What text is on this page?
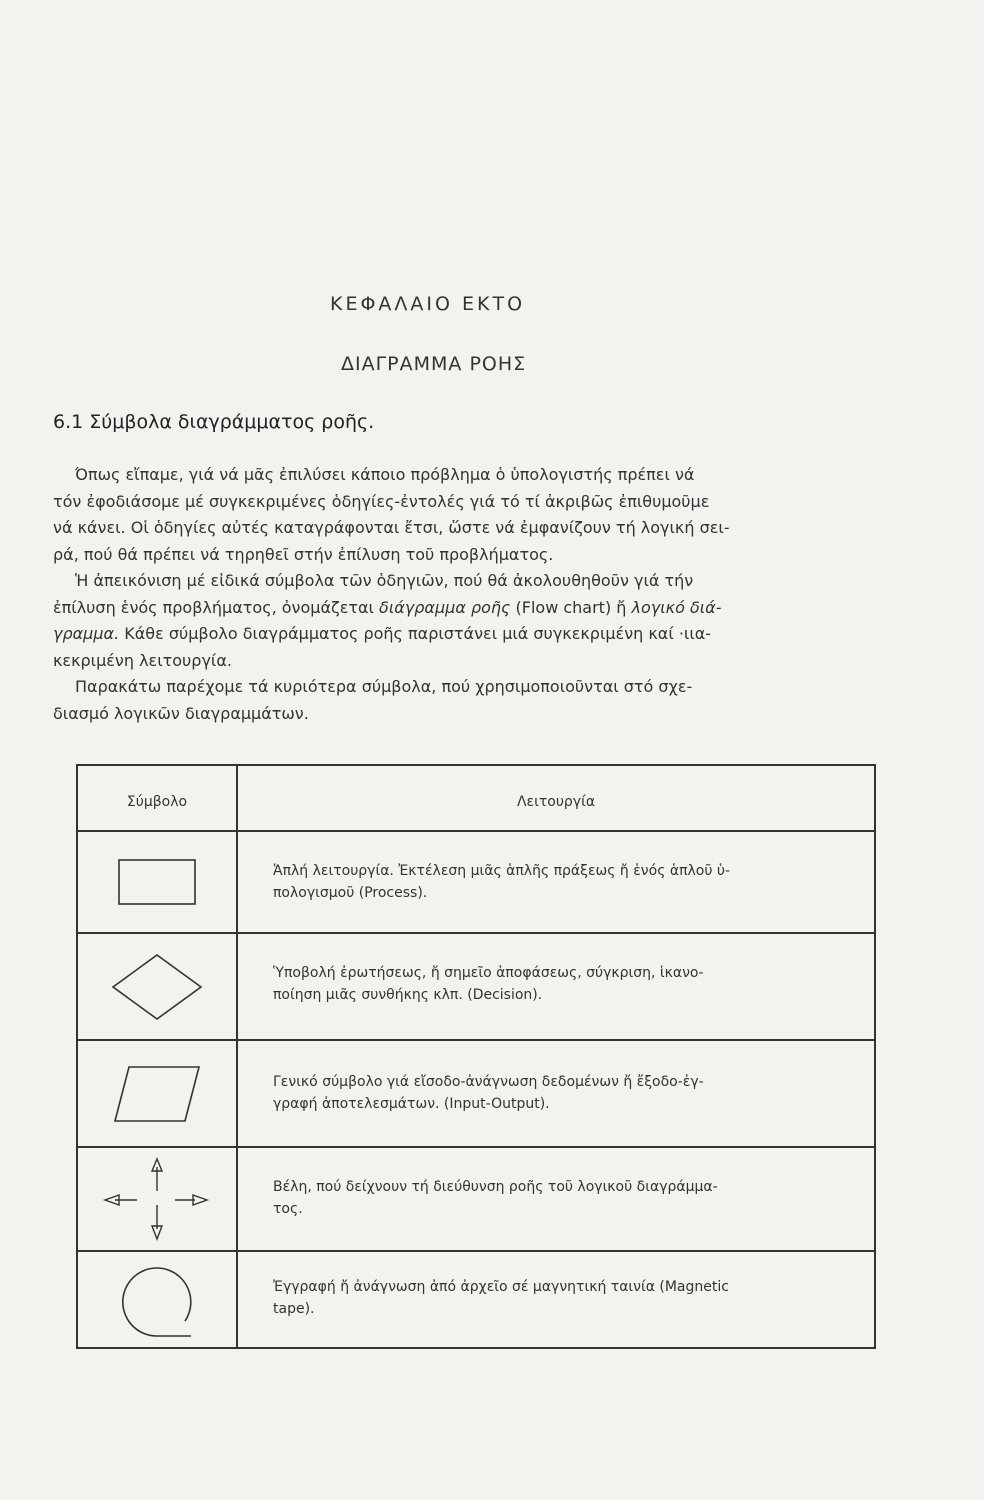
ΚΕΦΑΛΑΙΟ ΕΚΤΟ
ΔΙΑΓΡΑΜΜΑ ΡΟΗΣ
6.1 Σύμβολα διαγράμματος ροῆς.

Όπως εἴπαμε, γιά νά μᾶς ἐπιλύσει κάποιο πρόβλημα ὁ ὑπολογιστής πρέπει νά
τόν ἐφοδιάσομε μέ συγκεκριμένες ὁδηγίες-ἐντολές γιά τό τί ἀκριβῶς ἐπιθυμοῦμε
νά κάνει. Οἱ ὁδηγίες αὐτές καταγράφονται ἔτσι, ὥστε νά ἐμφανίζουν τή λογική σει-
ρά, πού θά πρέπει νά τηρηθεῖ στήν ἐπίλυση τοῦ προβλήματος.

Ἡ ἀπεικόνιση μέ εἰδικά σύμβολα τῶν ὁδηγιῶν, πού θά ἀκολουθηθοῦν γιά τήν
ἐπίλυση ἑνός προβλήματος, ὀνομάζεται διάγραμμα ροῆς (Flow chart) ἤ λογικό διά-
γραμμα. Κάθε σύμβολο διαγράμματος ροῆς παριστάνει μιά συγκεκριμένη καί ·ιια-
κεκριμένη λειτουργία.

Παρακάτω παρέχομε τά κυριότερα σύμβολα, πού χρησιμοποιοῦνται στό σχε-
διασμό λογικῶν διαγραμμάτων.

Σύμβολο	Λειτουργία
Ἁπλή λειτουργία. Ἐκτέλεση μιᾶς ἁπλῆς πράξεως ἤ ἑνός ἁπλοῦ ὑ-
πολογισμοῦ (Process).
Ὑποβολή ἐρωτήσεως, ἤ σημεῖο ἀποφάσεως, σύγκριση, ἱκανο-
ποίηση μιᾶς συνθήκης κλπ. (Decision).
Γενικό σύμβολο γιά εἴσοδο-ἀνάγνωση δεδομένων ἤ ἔξοδο-ἐγ-
γραφή ἀποτελεσμάτων. (Input-Output).
Βέλη, πού δείχνουν τή διεύθυνση ροῆς τοῦ λογικοῦ διαγράμμα-
τος.
Ἐγγραφή ἤ ἀνάγνωση ἀπό ἀρχεῖο σέ μαγνητική ταινία (Magnetic
tape).
